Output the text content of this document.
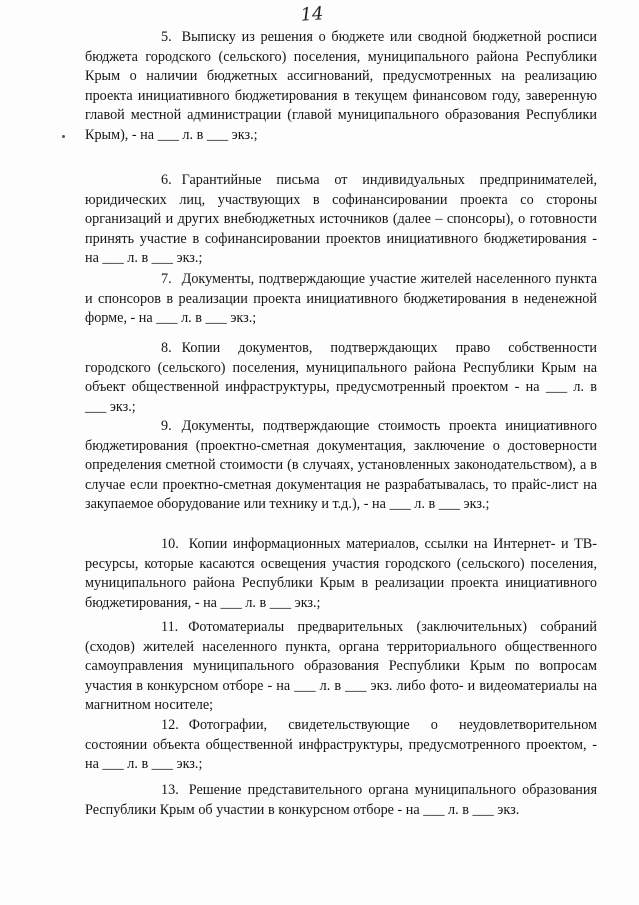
14
5. Выписку из решения о бюджете или сводной бюджетной росписи бюджета городского (сельского) поселения, муниципального района Республики Крым о наличии бюджетных ассигнований, предусмотренных на реализацию проекта инициативного бюджетирования в текущем финансовом году, заверенную главой местной администрации (главой муниципального образования Республики Крым), - на ___ л. в ___ экз.;
6. Гарантийные письма от индивидуальных предпринимателей, юридических лиц, участвующих в софинансировании проекта со стороны организаций и других внебюджетных источников (далее – спонсоры), о готовности принять участие в софинансировании проектов инициативного бюджетирования - на ___ л. в ___ экз.;
7. Документы, подтверждающие участие жителей населенного пункта и спонсоров в реализации проекта инициативного бюджетирования в неденежной форме, - на ___ л. в ___ экз.;
8. Копии документов, подтверждающих право собственности городского (сельского) поселения, муниципального района Республики Крым на объект общественной инфраструктуры, предусмотренный проектом - на ___ л. в ___ экз.;
9. Документы, подтверждающие стоимость проекта инициативного бюджетирования (проектно-сметная документация, заключение о достоверности определения сметной стоимости (в случаях, установленных законодательством), а в случае если проектно-сметная документация не разрабатывалась, то прайс-лист на закупаемое оборудование или технику и т.д.), - на ___ л. в ___ экз.;
10. Копии информационных материалов, ссылки на Интернет- и ТВ-ресурсы, которые касаются освещения участия городского (сельского) поселения, муниципального района Республики Крым в реализации проекта инициативного бюджетирования, - на ___ л. в ___ экз.;
11. Фотоматериалы предварительных (заключительных) собраний (сходов) жителей населенного пункта, органа территориального общественного самоуправления муниципального образования Республики Крым по вопросам участия в конкурсном отборе - на ___ л. в ___ экз. либо фото- и видеоматериалы на магнитном носителе;
12. Фотографии, свидетельствующие о неудовлетворительном состоянии объекта общественной инфраструктуры, предусмотренного проектом, - на ___ л. в ___ экз.;
13. Решение представительного органа муниципального образования Республики Крым об участии в конкурсном отборе - на ___ л. в ___ экз.
